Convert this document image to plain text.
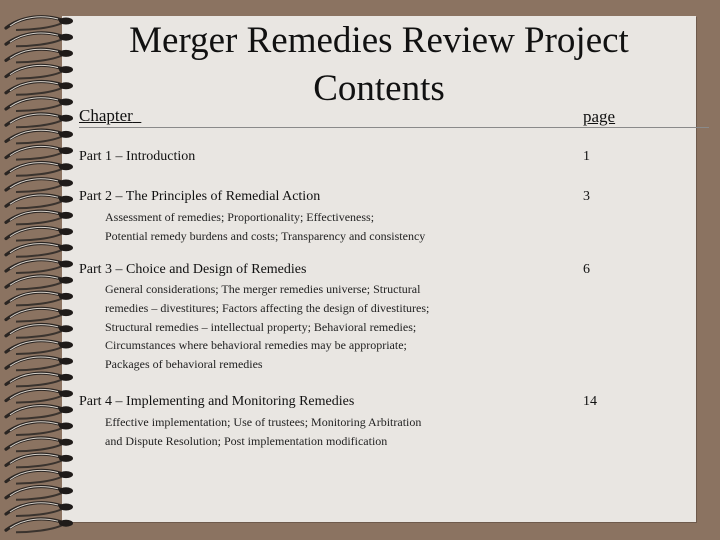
Merger Remedies Review Project
Contents
Chapter	page
Part 1 – Introduction	1
Part 2 – The Principles of Remedial Action	3
Assessment of remedies; Proportionality; Effectiveness;
Potential remedy burdens and costs; Transparency and consistency
Part 3 – Choice and Design of Remedies	6
General considerations; The merger remedies universe; Structural
remedies – divestitures; Factors affecting the design of divestitures;
Structural remedies – intellectual property; Behavioral remedies;
Circumstances where behavioral remedies may be appropriate;
Packages of behavioral remedies
Part 4 – Implementing and Monitoring Remedies	14
Effective implementation; Use of trustees; Monitoring Arbitration
and Dispute Resolution; Post implementation modification
